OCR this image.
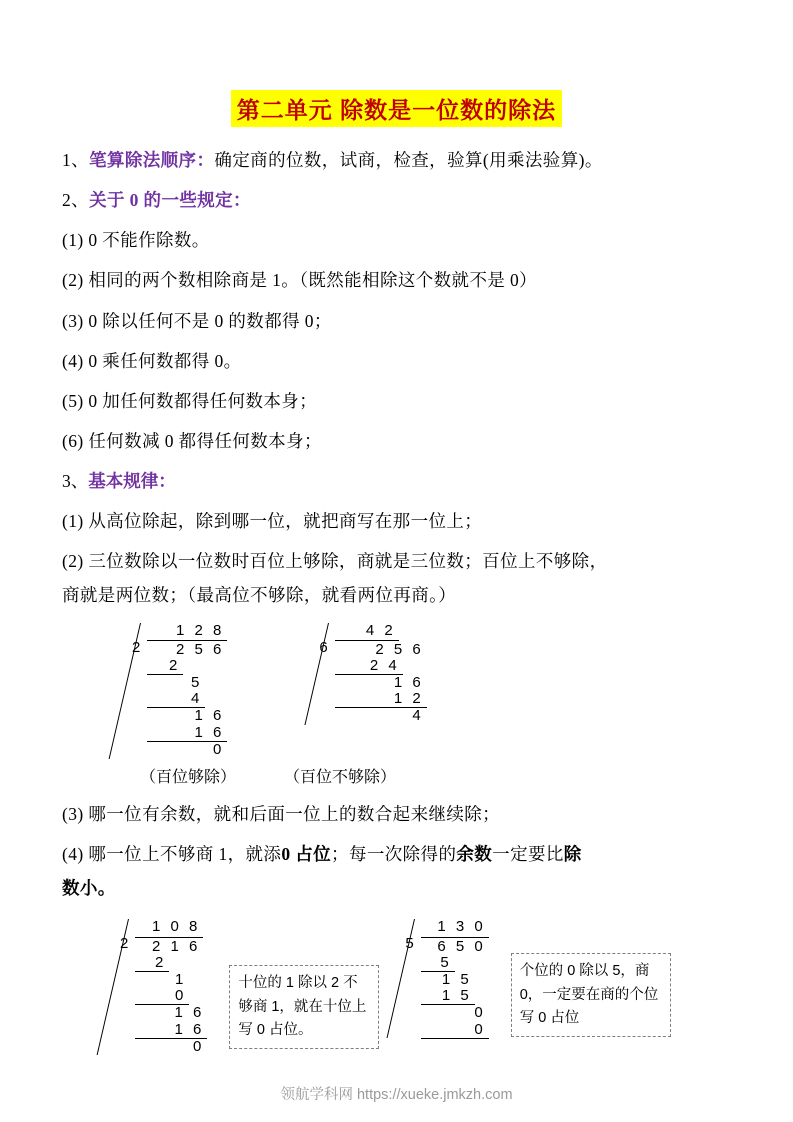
第二单元 除数是一位数的除法

1、笔算除法顺序：确定商的位数，试商，检查，验算(用乘法验算)。

2、关于 0 的一些规定：

(1) 0 不能作除数。

(2) 相同的两个数相除商是 1。（既然能相除这个数就不是 0）

(3) 0 除以任何不是 0 的数都得 0；

(4) 0 乘任何数都得 0。

(5) 0 加任何数都得任何数本身；

(6) 任何数减 0 都得任何数本身；

3、基本规律：

(1) 从高位除起，除到哪一位，就把商写在那一位上；

(2) 三位数除以一位数时百位上够除，商就是三位数；百位上不够除，

商就是两位数；（最高位不够除，就看两位再商。）

2
1 2 8
2 5 6
2
5
4
1 6
1 6
0
6
4 2
2 5 6
2 4
1 6
1 2
4
（百位够除）	（百位不够除）

(3) 哪一位有余数，就和后面一位上的数合起来继续除；

(4) 哪一位上不够商 1，就添0 占位；每一次除得的余数一定要比除

数小。

2
1 0 8
2 1 6
2
1
0
1 6
1 6
0
十位的 1 除以 2 不够商 1，就在十位上写 0 占位。
5
1 3 0
6 5 0
5
1 5
1 5
0
0
个位的 0 除以 5，商 0，一定要在商的个位写 0 占位
领航学科网 https://xueke.jmkzh.com
